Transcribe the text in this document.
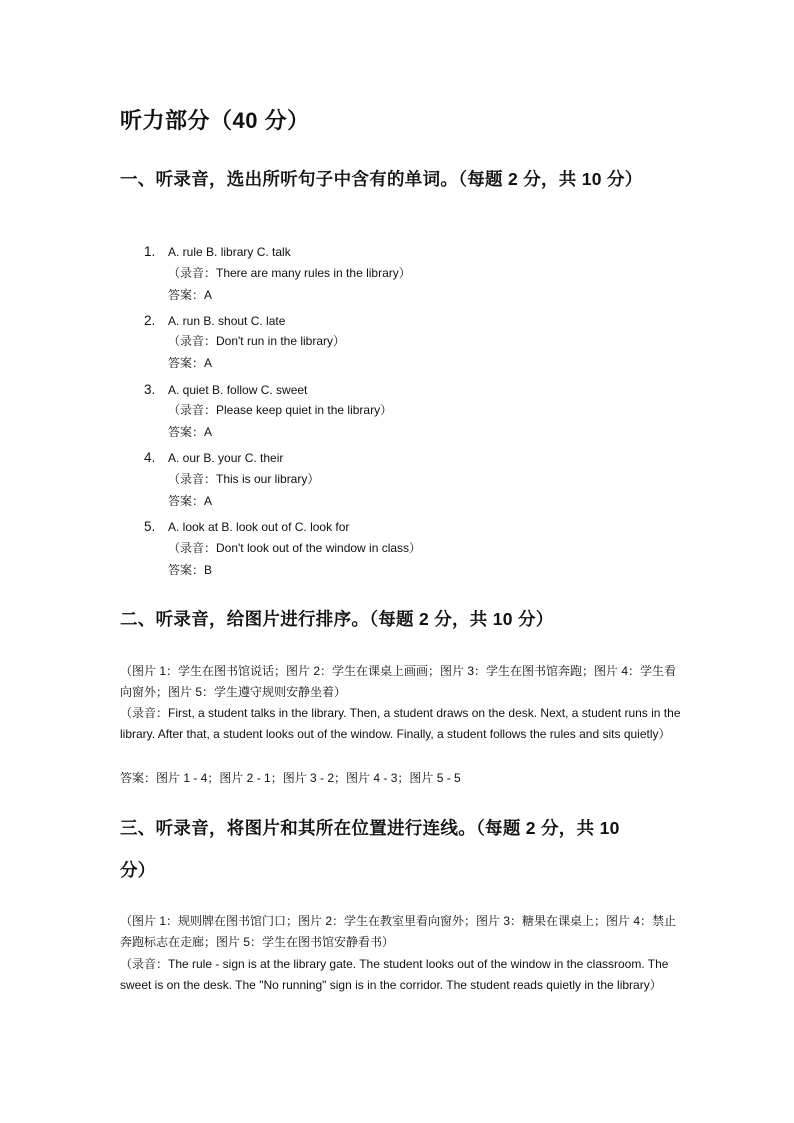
听力部分（40 分）
一、听录音，选出所听句子中含有的单词。（每题 2 分，共 10 分）
1. A. rule B. library C. talk
（录音：There are many rules in the library）
答案：A
2. A. run B. shout C. late
（录音：Don't run in the library）
答案：A
3. A. quiet B. follow C. sweet
（录音：Please keep quiet in the library）
答案：A
4. A. our B. your C. their
（录音：This is our library）
答案：A
5. A. look at B. look out of C. look for
（录音：Don't look out of the window in class）
答案：B
二、听录音，给图片进行排序。（每题 2 分，共 10 分）
（图片 1：学生在图书馆说话；图片 2：学生在课桌上画画；图片 3：学生在图书馆奔跑；图片 4：学生看向窗外；图片 5：学生遵守规则安静坐着）
（录音：First, a student talks in the library. Then, a student draws on the desk. Next, a student runs in the library. After that, a student looks out of the window. Finally, a student follows the rules and sits quietly）
答案：图片 1 - 4；图片 2 - 1；图片 3 - 2；图片 4 - 3；图片 5 - 5
三、听录音，将图片和其所在位置进行连线。（每题 2 分，共 10
分）
（图片 1：规则牌在图书馆门口；图片 2：学生在教室里看向窗外；图片 3：糖果在课桌上；图片 4：禁止奔跑标志在走廊；图片 5：学生在图书馆安静看书）
（录音：The rule - sign is at the library gate. The student looks out of the window in the classroom. The sweet is on the desk. The "No running" sign is in the corridor. The student reads quietly in the library）
